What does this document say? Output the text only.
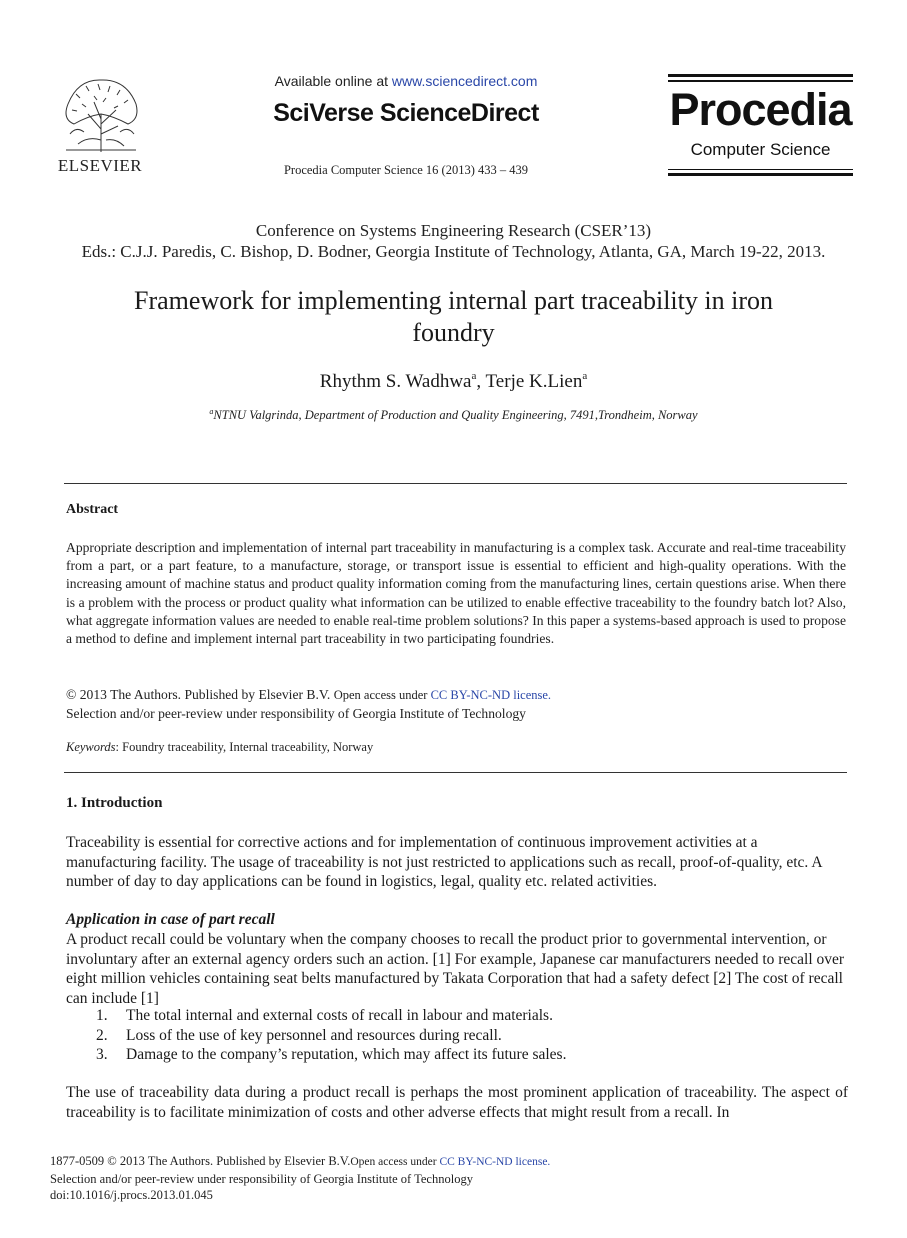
ELSEVIER
Available online at www.sciencedirect.com
SciVerse ScienceDirect
Procedia Computer Science 16 (2013) 433 – 439
Procedia
Computer Science
Conference on Systems Engineering Research (CSER’13)
Eds.: C.J.J. Paredis, C. Bishop, D. Bodner, Georgia Institute of Technology, Atlanta, GA, March 19-22, 2013.
Framework for implementing internal part traceability in iron foundry
Rhythm S. Wadhwa$^a$, Terje K.Lien$^a$
$^a$NTNU Valgrinda, Department of Production and Quality Engineering, 7491,Trondheim, Norway
Abstract
Appropriate description and implementation of internal part traceability in manufacturing is a complex task. Accurate and real-time traceability from a part, or a part feature, to a manufacture, storage, or transport issue is essential to efficient and high-quality operations. With the increasing amount of machine status and product quality information coming from the manufacturing lines, certain questions arise. When there is a problem with the process or product quality what information can be utilized to enable effective traceability to the foundry batch lot? Also, what aggregate information values are needed to enable real-time problem solutions? In this paper a systems-based approach is used to propose a method to define and implement internal part traceability in two participating foundries.
© 2013 The Authors. Published by Elsevier B.V. Open access under CC BY-NC-ND license.
Selection and/or peer-review under responsibility of Georgia Institute of Technology
Keywords: Foundry traceability, Internal traceability, Norway
1. Introduction
Traceability is essential for corrective actions and for implementation of continuous improvement activities at a manufacturing facility. The usage of traceability is not just restricted to applications such as recall, proof-of-quality, etc. A number of day to day applications can be found in logistics, legal, quality etc. related activities.
Application in case of part recall
A product recall could be voluntary when the company chooses to recall the product prior to governmental intervention, or involuntary after an external agency orders such an action. [1] For example, Japanese car manufacturers needed to recall over eight million vehicles containing seat belts manufactured by Takata Corporation that had a safety defect [2] The cost of recall can include [1]
1. The total internal and external costs of recall in labour and materials.
2. Loss of the use of key personnel and resources during recall.
3. Damage to the company’s reputation, which may affect its future sales.
The use of traceability data during a product recall is perhaps the most prominent application of traceability. The aspect of traceability is to facilitate minimization of costs and other adverse effects that might result from a recall. In
1877-0509 © 2013 The Authors. Published by Elsevier B.V.Open access under CC BY-NC-ND license.
Selection and/or peer-review under responsibility of Georgia Institute of Technology
doi:10.1016/j.procs.2013.01.045
